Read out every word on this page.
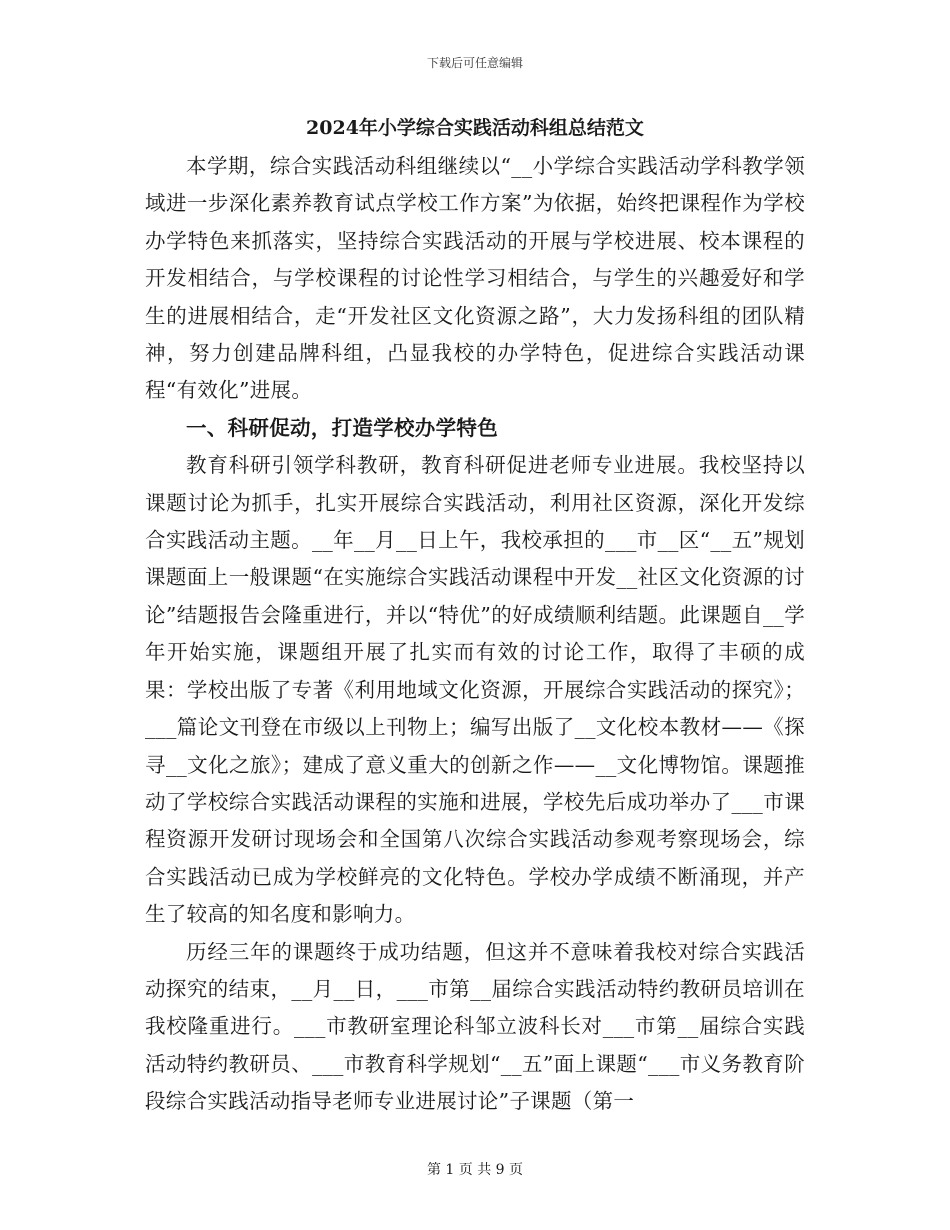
下载后可任意编辑
2024年小学综合实践活动科组总结范文

本学期，综合实践活动科组继续以“__小学综合实践活动学科教学领域进一步深化素养教育试点学校工作方案”为依据，始终把课程作为学校办学特色来抓落实，坚持综合实践活动的开展与学校进展、校本课程的开发相结合，与学校课程的讨论性学习相结合，与学生的兴趣爱好和学生的进展相结合，走“开发社区文化资源之路”，大力发扬科组的团队精神，努力创建品牌科组，凸显我校的办学特色，促进综合实践活动课程“有效化”进展。

一、科研促动，打造学校办学特色

教育科研引领学科教研，教育科研促进老师专业进展。我校坚持以课题讨论为抓手，扎实开展综合实践活动，利用社区资源，深化开发综合实践活动主题。__年__月__日上午，我校承担的___市__区“__五”规划课题面上一般课题“在实施综合实践活动课程中开发__社区文化资源的讨论”结题报告会隆重进行，并以“特优”的好成绩顺利结题。此课题自__学年开始实施，课题组开展了扎实而有效的讨论工作，取得了丰硕的成果：学校出版了专著《利用地域文化资源，开展综合实践活动的探究》；___篇论文刊登在市级以上刊物上；编写出版了__文化校本教材——《探寻__文化之旅》；建成了意义重大的创新之作——__文化博物馆。课题推动了学校综合实践活动课程的实施和进展，学校先后成功举办了___市课程资源开发研讨现场会和全国第八次综合实践活动参观考察现场会，综合实践活动已成为学校鲜亮的文化特色。学校办学成绩不断涌现，并产生了较高的知名度和影响力。

历经三年的课题终于成功结题，但这并不意味着我校对综合实践活动探究的结束，__月__日，___市第__届综合实践活动特约教研员培训在我校隆重进行。___市教研室理论科邹立波科长对___市第__届综合实践活动特约教研员、___市教育科学规划“__五”面上课题“___市义务教育阶段综合实践活动指导老师专业进展讨论”子课题（第一

第 1 页 共 9 页
